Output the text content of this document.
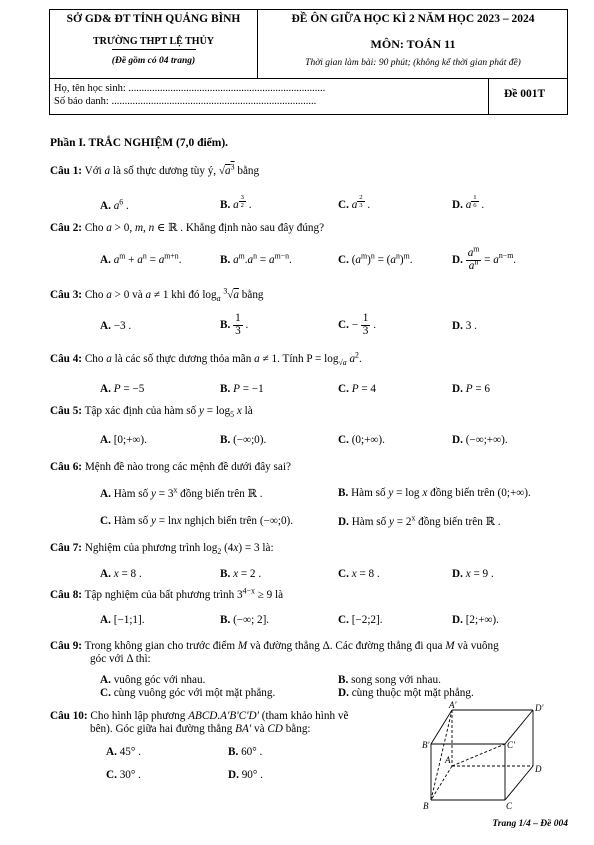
SỞ GD& ĐT TỈNH QUẢNG BÌNH
TRƯỜNG THPT LỆ THỦY
(Đề gồm có 04 trang)
ĐỀ ÔN GIỮA HỌC KÌ 2 NĂM HỌC 2023 – 2024
MÔN: TOÁN 11
Thời gian làm bài: 90 phút; (không kể thời gian phát đề)
Họ, tên học sinh: ...........................................................................
Số báo danh: ..............................................................................
Đề 001T
Phần I. TRẮC NGHIỆM (7,0 điểm).
Câu 1: Với a là số thực dương tùy ý, $√a^3$ bằng
A. $a^6$ .	B. a $^{\frac{3}{2}}$ .	C. a $^{\frac{2}{3}}$ .	D. a $^{\frac{1}{6}}$ .
Câu 2: Cho a > 0, m, n ∈ ℝ . Khẳng định nào sau đây đúng?
A. $a^m + a^n = a^{m+n}$.	B. $a^m.a^n = a^{m-n}$.	C. $(a^m)^n = (a^n)^m$.	D. $\frac{a^m}{a^n} = a^{n-m}$.
Câu 3: Cho a > 0 và a ≠ 1 khi đó $\log_a ^3√a$ bằng
A. −3 .	B. $\frac{1}{3}$ .	C. − $\frac{1}{3}$ .	D. 3 .
Câu 4: Cho a là các số thực dương thỏa mãn a ≠ 1. Tính $P = \log_{√a} a^2$.
A. P = −5	B. P = −1	C. P = 4	D. P = 6
Câu 5: Tập xác định của hàm số $y = \log_5 x$ là
A. [0;+∞).	B. (−∞;0).	C. (0;+∞).	D. (−∞;+∞).
Câu 6: Mệnh đề nào trong các mệnh đề dưới đây sai?
A. Hàm số $y = 3^x$ đồng biến trên ℝ .	B. Hàm số y = log x đồng biến trên (0;+∞).
C. Hàm số y = lnx nghịch biến trên (−∞;0).	D. Hàm số $y = 2^x$ đồng biến trên ℝ .
Câu 7: Nghiệm của phương trình $\log_2 (4x) = 3$ là:
A. x = 8 .	B. x = 2 .	C. x = 8 .	D. x = 9 .
Câu 8: Tập nghiệm của bất phương trình $3^{4-x} \ge 9$ là
A. [−1;1].	B. (−∞; 2].	C. [−2;2].	D. [2;+∞).
Câu 9: Trong không gian cho trước điểm M và đường thẳng Δ. Các đường thẳng đi qua M và vuông
góc với Δ thì:
A. vuông góc với nhau.	B. song song với nhau.
C. cùng vuông góc với một mặt phẳng.	D. cùng thuộc một mặt phẳng.
Câu 10: Cho hình lập phương ABCD.A'B'C'D' (tham khảo hình vẽ
bên). Góc giữa hai đường thẳng BA' và CD bằng:
A. 45° .	B. 60° .
C. 30° .	D. 90° .
A'	D'
B'	C'
A
D
B	C
Trang 1/4 – Đề 004
